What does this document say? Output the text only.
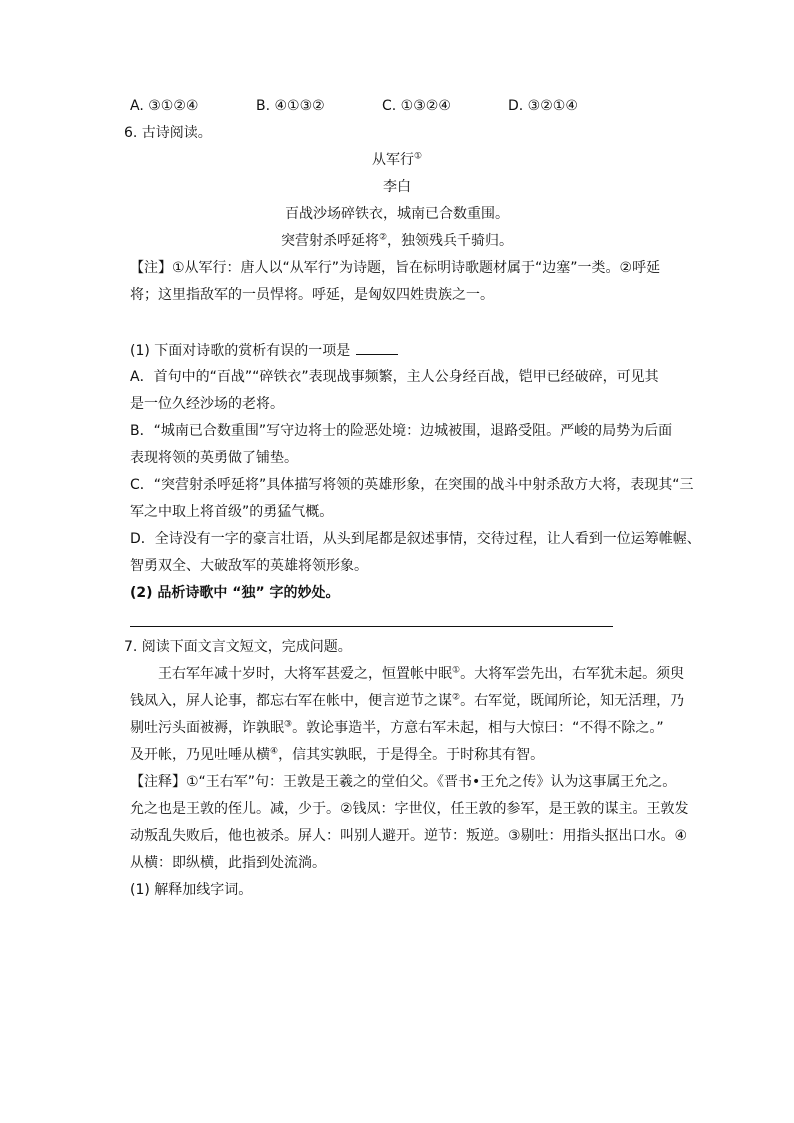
A. ③①②④	B. ④①③②	C. ①③②④	D. ③②①④
6. 古诗阅读。
从军行①
李白
百战沙场碎铁衣，城南已合数重围。
突营射杀呼延将②，独领残兵千骑归。
【注】①从军行：唐人以“从军行”为诗题，旨在标明诗歌题材属于“边塞”一类。②呼延
将；这里指敌军的一员悍将。呼延，是匈奴四姓贵族之一。
(1) 下面对诗歌的赏析有误的一项是
A．首句中的“百战”“碎铁衣”表现战事频繁，主人公身经百战，铠甲已经破碎，可见其
是一位久经沙场的老将。
B．“城南已合数重围”写守边将士的险恶处境：边城被围，退路受阻。严峻的局势为后面
表现将领的英勇做了铺垫。
C．“突营射杀呼延将”具体描写将领的英雄形象，在突围的战斗中射杀敌方大将，表现其“三
军之中取上将首级”的勇猛气概。
D．全诗没有一字的豪言壮语，从头到尾都是叙述事情，交待过程，让人看到一位运筹帷幄、
智勇双全、大破敌军的英雄将领形象。
(2) 品析诗歌中 “独” 字的妙处。
7. 阅读下面文言文短文，完成问题。
王右军年减十岁时，大将军甚爱之，恒置帐中眠①。大将军尝先出，右军犹未起。须臾
钱凤入，屏人论事，都忘右军在帐中，便言逆节之谋②。右军觉，既闻所论，知无活理，乃
剔吐污头面被褥，诈孰眠③。敦论事造半，方意右军未起，相与大惊曰：“不得不除之。”
及开帐，乃见吐唾从横④，信其实孰眠，于是得全。于时称其有智。
【注释】①“王右军”句：王敦是王羲之的堂伯父。《晋书•王允之传》认为这事属王允之。
允之也是王敦的侄儿。减，少于。②钱凤：字世仪，任王敦的参军，是王敦的谋主。王敦发
动叛乱失败后，他也被杀。屏人：叫别人避开。逆节：叛逆。③剔吐：用指头抠出口水。④
从横：即纵横，此指到处流淌。
(1) 解释加线字词。
